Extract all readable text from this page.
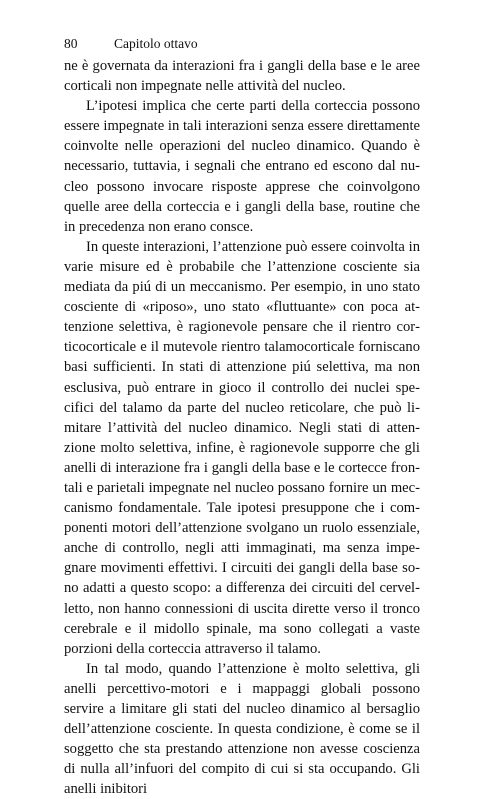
80	Capitolo ottavo

ne è governata da interazioni fra i gangli della base e le aree corticali non impegnate nelle attività del nucleo.

L’ipotesi implica che certe parti della corteccia possono essere impegnate in tali interazioni senza essere direttamente coinvolte nelle operazioni del nucleo dinamico. Quando è necessario, tuttavia, i segnali che entrano ed escono dal nucleo possono invocare risposte apprese che coinvolgono quelle aree della corteccia e i gangli della base, routine che in precedenza non erano consce.

In queste interazioni, l’attenzione può essere coinvolta in varie misure ed è probabile che l’attenzione cosciente sia mediata da piú di un meccanismo. Per esempio, in uno stato cosciente di «riposo», uno stato «fluttuante» con poca attenzione selettiva, è ragionevole pensare che il rientro corticocorticale e il mutevole rientro talamocorticale forniscano basi sufficienti. In stati di attenzione piú selettiva, ma non esclusiva, può entrare in gioco il controllo dei nuclei specifici del talamo da parte del nucleo reticolare, che può limitare l’attività del nucleo dinamico. Negli stati di attenzione molto selettiva, infine, è ragionevole supporre che gli anelli di interazione fra i gangli della base e le cortecce frontali e parietali impegnate nel nucleo possano fornire un meccanismo fondamentale. Tale ipotesi presuppone che i componenti motori dell’attenzione svolgano un ruolo essenziale, anche di controllo, negli atti immaginati, ma senza impegnare movimenti effettivi. I circuiti dei gangli della base sono adatti a questo scopo: a differenza dei circuiti del cervelletto, non hanno connessioni di uscita dirette verso il tronco cerebrale e il midollo spinale, ma sono collegati a vaste porzioni della corteccia attraverso il talamo.

In tal modo, quando l’attenzione è molto selettiva, gli anelli percettivo-motori e i mappaggi globali possono servire a limitare gli stati del nucleo dinamico al bersaglio dell’attenzione cosciente. In questa condizione, è come se il soggetto che sta prestando attenzione non avesse coscienza di nulla all’infuori del compito di cui si sta occupando. Gli anelli inibitori
